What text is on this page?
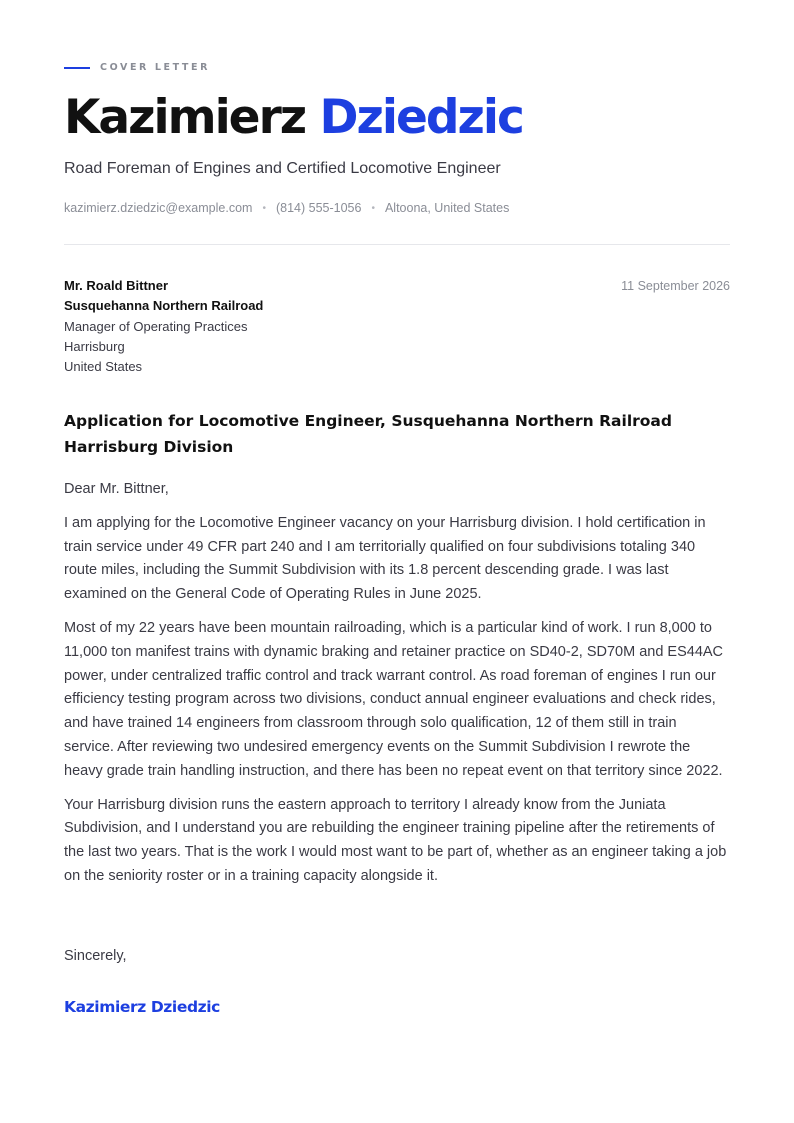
COVER LETTER
Kazimierz Dziedzic
Road Foreman of Engines and Certified Locomotive Engineer
kazimierz.dziedzic@example.com • (814) 555-1056 • Altoona, United States
Mr. Roald Bittner
Susquehanna Northern Railroad
Manager of Operating Practices
Harrisburg
United States
11 September 2026
Application for Locomotive Engineer, Susquehanna Northern Railroad Harrisburg Division

Dear Mr. Bittner,

I am applying for the Locomotive Engineer vacancy on your Harrisburg division. I hold certification in train service under 49 CFR part 240 and I am territorially qualified on four subdivisions totaling 340 route miles, including the Summit Subdivision with its 1.8 percent descending grade. I was last examined on the General Code of Operating Rules in June 2025.

Most of my 22 years have been mountain railroading, which is a particular kind of work. I run 8,000 to 11,000 ton manifest trains with dynamic braking and retainer practice on SD40-2, SD70M and ES44AC power, under centralized traffic control and track warrant control. As road foreman of engines I run our efficiency testing program across two divisions, conduct annual engineer evaluations and check rides, and have trained 14 engineers from classroom through solo qualification, 12 of them still in train service. After reviewing two undesired emergency events on the Summit Subdivision I rewrote the heavy grade train handling instruction, and there has been no repeat event on that territory since 2022.

Your Harrisburg division runs the eastern approach to territory I already know from the Juniata Subdivision, and I understand you are rebuilding the engineer training pipeline after the retirements of the last two years. That is the work I would most want to be part of, whether as an engineer taking a job on the seniority roster or in a training capacity alongside it.

Sincerely,
Kazimierz Dziedzic
